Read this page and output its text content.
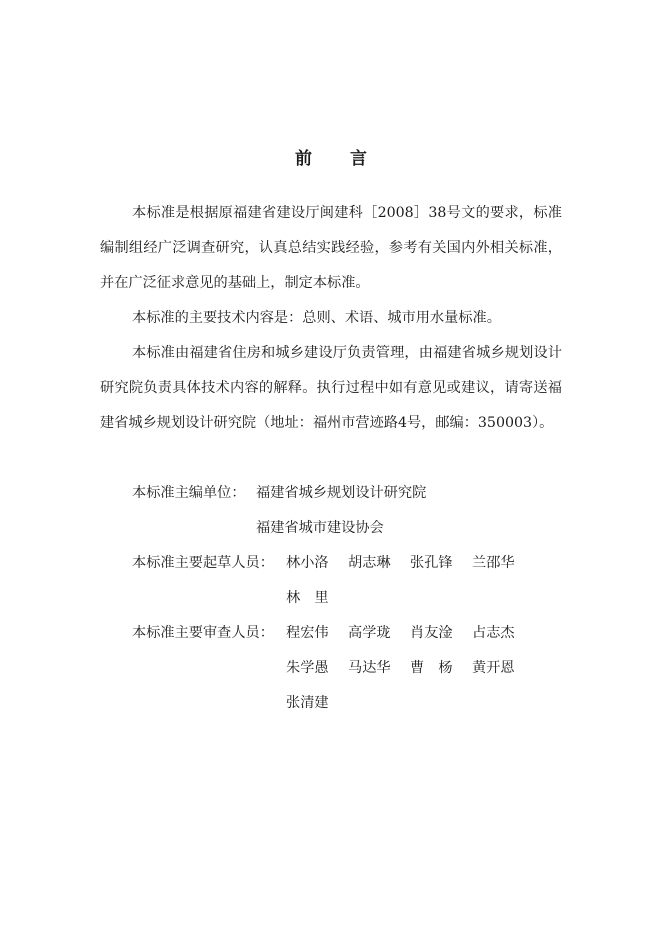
前 言
本标准是根据原福建省建设厅闽建科［2008］38号文的要求，标准编制组经广泛调查研究，认真总结实践经验，参考有关国内外相关标准，并在广泛征求意见的基础上，制定本标准。
本标准的主要技术内容是：总则、术语、城市用水量标准。
本标准由福建省住房和城乡建设厅负责管理，由福建省城乡规划设计研究院负责具体技术内容的解释。执行过程中如有意见或建议，请寄送福建省城乡规划设计研究院（地址：福州市营迹路4号，邮编：350003）。
本标准主编单位： 福建省城乡规划设计研究院
福建省城市建设协会
本标准主要起草人员： 林小洛	胡志琳	张孔锋	兰邵华
林　里
本标准主要审查人员： 程宏伟	高学珑	肖友淦	占志杰
朱学愚	马达华	曹　杨	黄开恩
张清建
